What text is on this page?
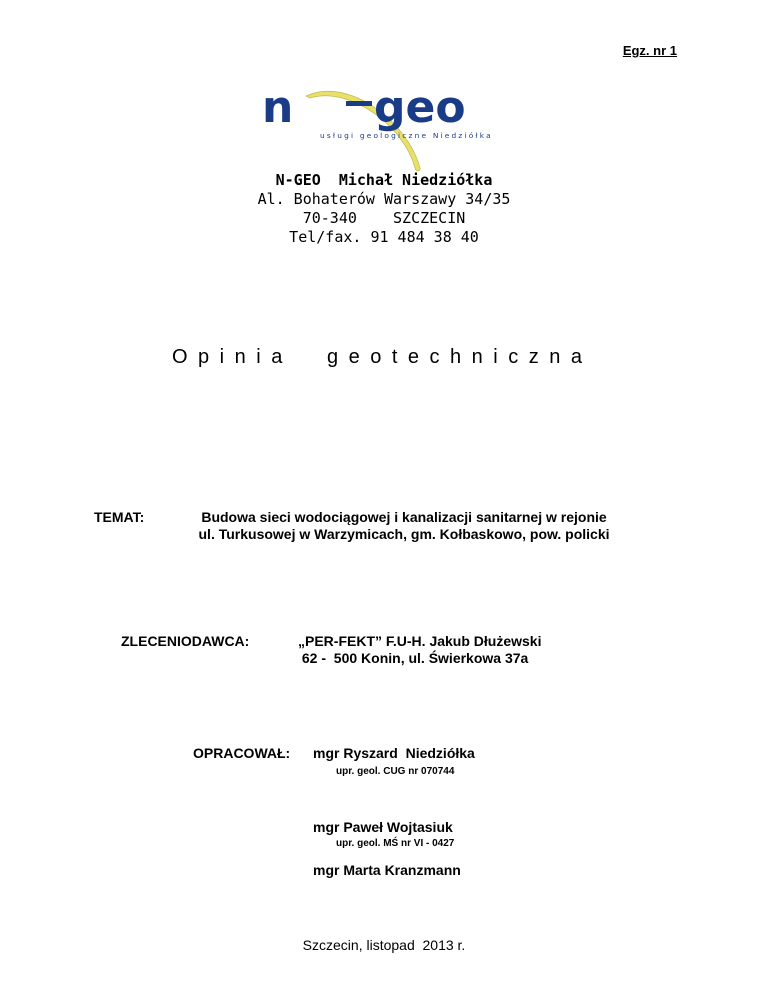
Egz. nr 1
n geo
usługi geologiczne Niedziółka
N-GEO  Michał Niedziółka
Al. Bohaterów Warszawy 34/35
70-340    SZCZECIN
Tel/fax. 91 484 38 40
Opinia geotechniczna
TEMAT:	Budowa sieci wodociągowej i kanalizacji sanitarnej w rejonie
ul. Turkusowej w Warzymicach, gm. Kołbaskowo, pow. policki
ZLECENIODAWCA:	„PER-FEKT” F.U-H. Jakub Dłużewski
62 -  500 Konin, ul. Świerkowa 37a
OPRACOWAŁ: mgr Ryszard  Niedziółka
upr. geol. CUG nr 070744
mgr Paweł Wojtasiuk
upr. geol. MŚ nr VI - 0427
mgr Marta Kranzmann
Szczecin, listopad  2013 r.
